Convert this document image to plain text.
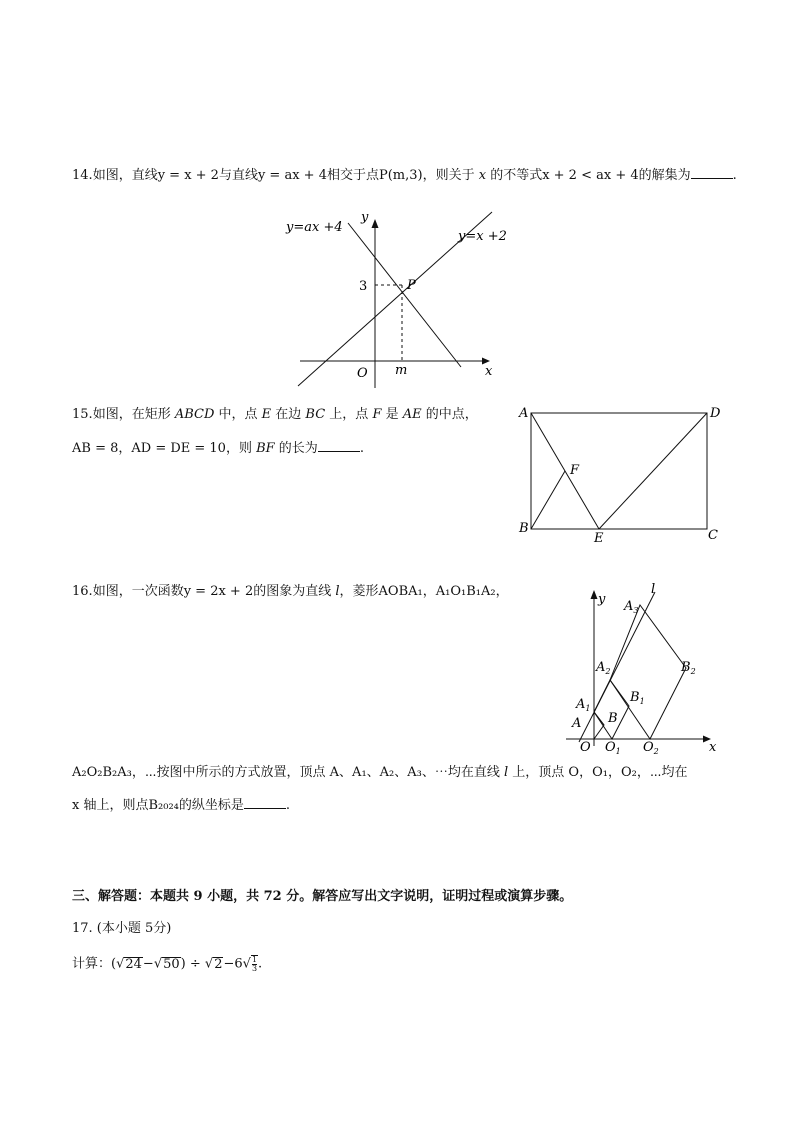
14.如图，直线y = x + 2与直线y = ax + 4相交于点P(m,3)，则关于 x 的不等式x + 2 < ax + 4的解集为	.
y=ax +4
y=x +2
y
x
O
P
3
m
15.如图，在矩形 ABCD 中，点 E 在边 BC 上，点 F 是 AE 的中点，
AB = 8，AD = DE = 10，则 BF 的长为	.
A	D
B	C
E
F
16.如图，一次函数y = 2x + 2的图象为直线 l，菱形AOBA₁，A₁O₁B₁A₂，
A₂O₂B₂A₃，⋯按图中所示的方式放置，顶点 A、A₁、A₂、A₃、⋯均在直线 l 上，顶点 O，O₁，O₂，⋯均在
x 轴上，则点B₂₀₂₄的纵坐标是	.
l
y
x
O
A
$A_1$
$A_2$
$A_3$
B
$B_1$
$B_2$
$O_1$ $O_2$
三、解答题：本题共 9 小题，共 72 分。解答应写出文字说明，证明过程或演算步骤。
17. (本小题 5分)
计算：$(√24-√50) \div √2-6√ \frac{1}{3}$ .
